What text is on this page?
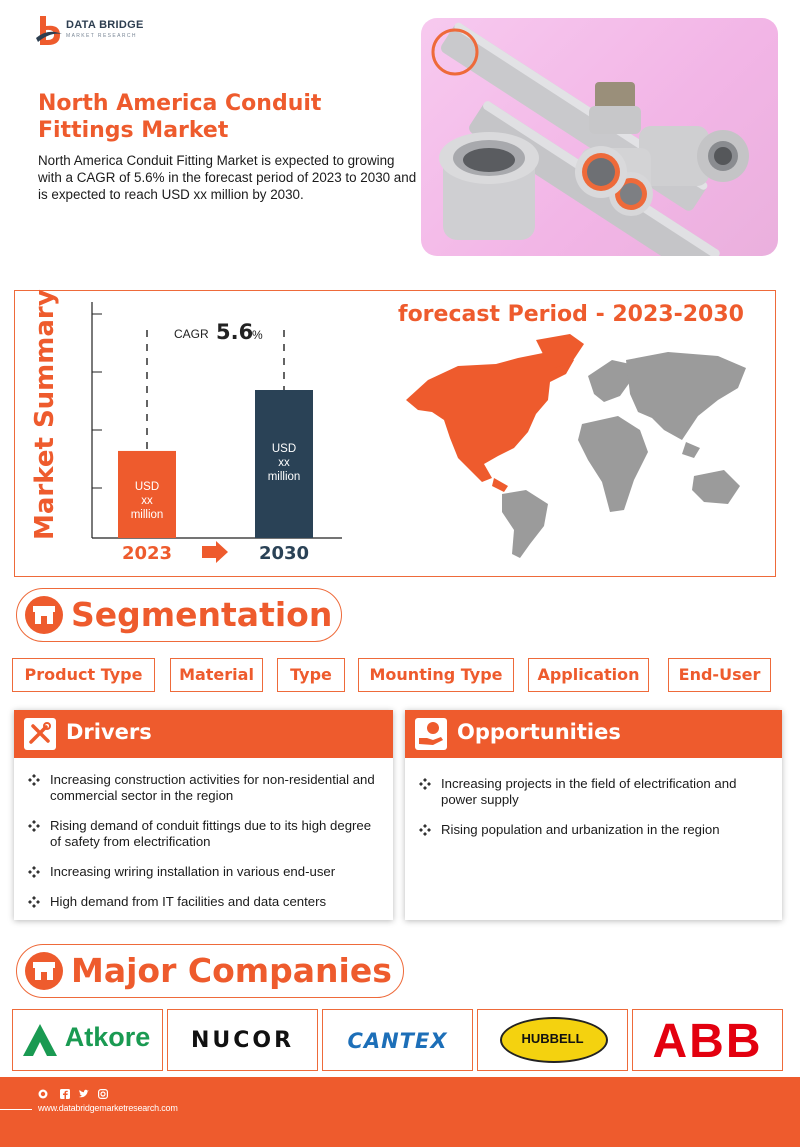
DATA BRIDGE
MARKET RESEARCH
North America Conduit Fittings Market

North America Conduit Fitting Market is expected to growing with a CAGR of 5.6% in the forecast period of 2023 to 2030 and is expected to reach USD xx million by 2030.

Market Summary	CAGR 5.6
%
USD
xx
million
2023
USD
xx
million
2030
forecast Period - 2023-2030
Segmentation
Product Type	Material	Type	Mounting Type	Application	End-User
Drivers
Increasing construction activities for non-residential and commercial sector in the region
Rising demand of conduit fittings due to its high degree of safety from electrification
Increasing wriring installation in various end-user
High demand from IT facilities and data centers
Opportunities
Increasing projects in the field of electrification and power supply
Rising population and urbanization in the region
Major Companies
Atkore	NUCOR	CANTEX	HUBBELL	ABB
www.databridgemarketresearch.com
